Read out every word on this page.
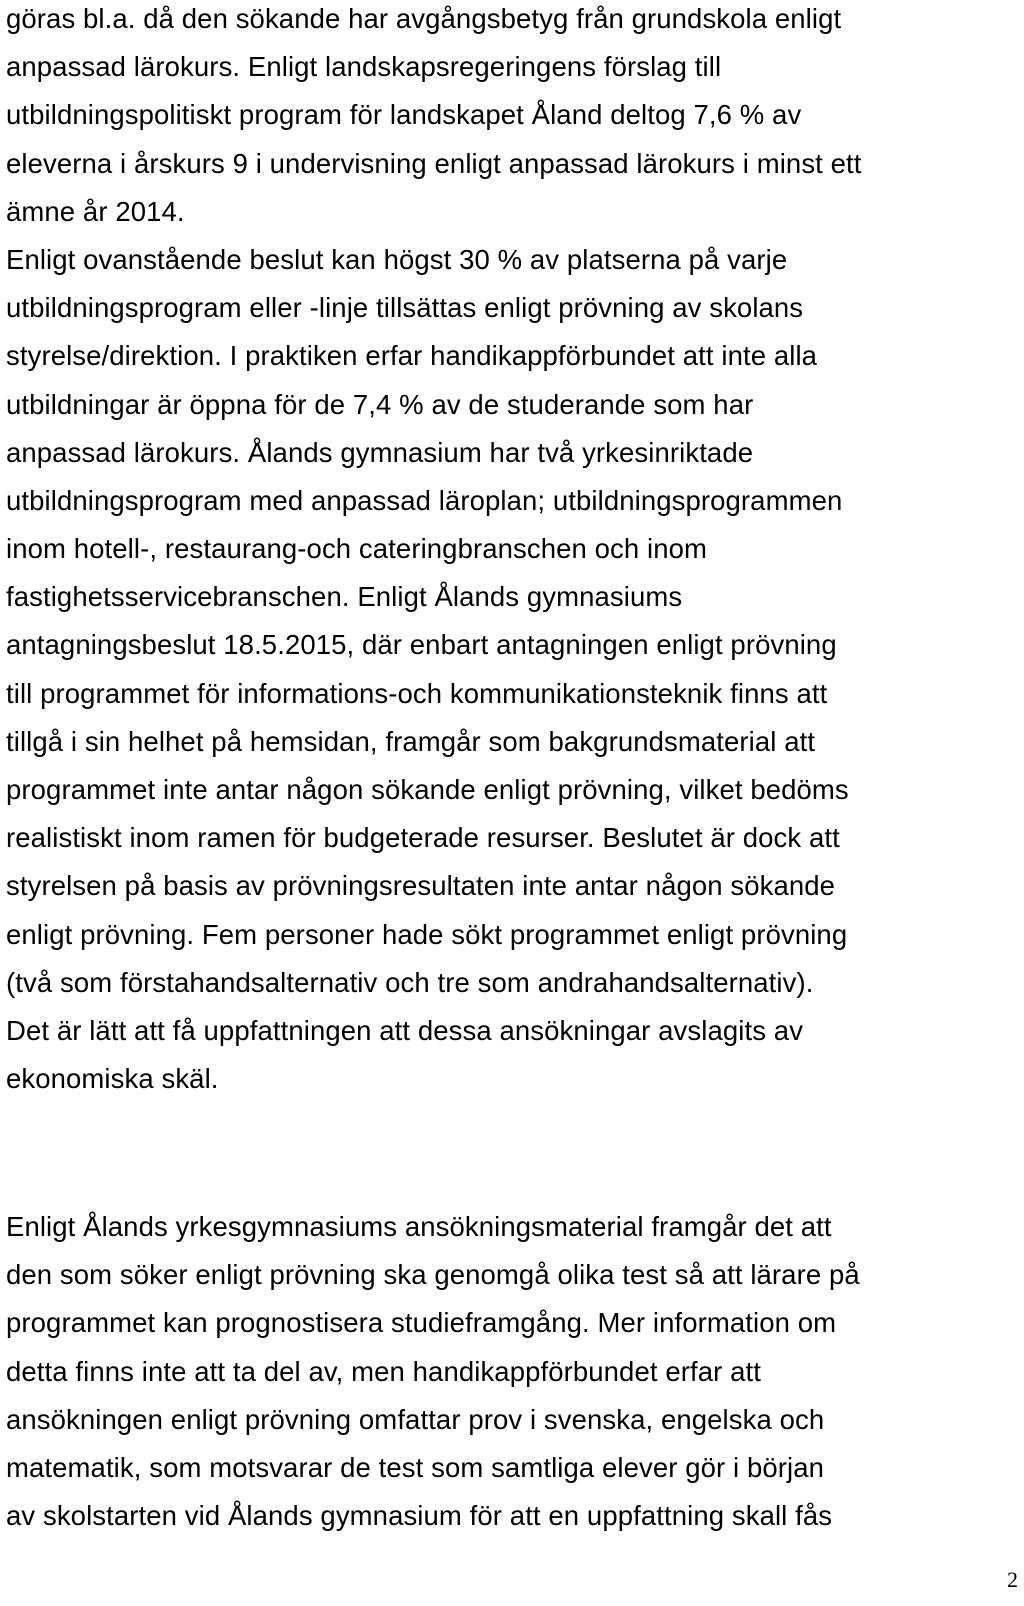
göras bl.a. då den sökande har avgångsbetyg från grundskola enligt
anpassad lärokurs. Enligt landskapsregeringens förslag till
utbildningspolitiskt program för landskapet Åland deltog 7,6 % av
eleverna i årskurs 9 i undervisning enligt anpassad lärokurs i minst ett
ämne år 2014.
Enligt ovanstående beslut kan högst 30 % av platserna på varje
utbildningsprogram eller -linje tillsättas enligt prövning av skolans
styrelse/direktion. I praktiken erfar handikappförbundet att inte alla
utbildningar är öppna för de 7,4 % av de studerande som har
anpassad lärokurs. Ålands gymnasium har två yrkesinriktade
utbildningsprogram med anpassad läroplan; utbildningsprogrammen
inom hotell-, restaurang-och cateringbranschen och inom
fastighetsservicebranschen. Enligt Ålands gymnasiums
antagningsbeslut 18.5.2015, där enbart antagningen enligt prövning
till programmet för informations-och kommunikationsteknik finns att
tillgå i sin helhet på hemsidan, framgår som bakgrundsmaterial att
programmet inte antar någon sökande enligt prövning, vilket bedöms
realistiskt inom ramen för budgeterade resurser. Beslutet är dock att
styrelsen på basis av prövningsresultaten inte antar någon sökande
enligt prövning. Fem personer hade sökt programmet enligt prövning
(två som förstahandsalternativ och tre som andrahandsalternativ).
Det är lätt att få uppfattningen att dessa ansökningar avslagits av
ekonomiska skäl.
Enligt Ålands yrkesgymnasiums ansökningsmaterial framgår det att
den som söker enligt prövning ska genomgå olika test så att lärare på
programmet kan prognostisera studieframgång. Mer information om
detta finns inte att ta del av, men handikappförbundet erfar att
ansökningen enligt prövning omfattar prov i svenska, engelska och
matematik, som motsvarar de test som samtliga elever gör i början
av skolstarten vid Ålands gymnasium för att en uppfattning skall fås
2
